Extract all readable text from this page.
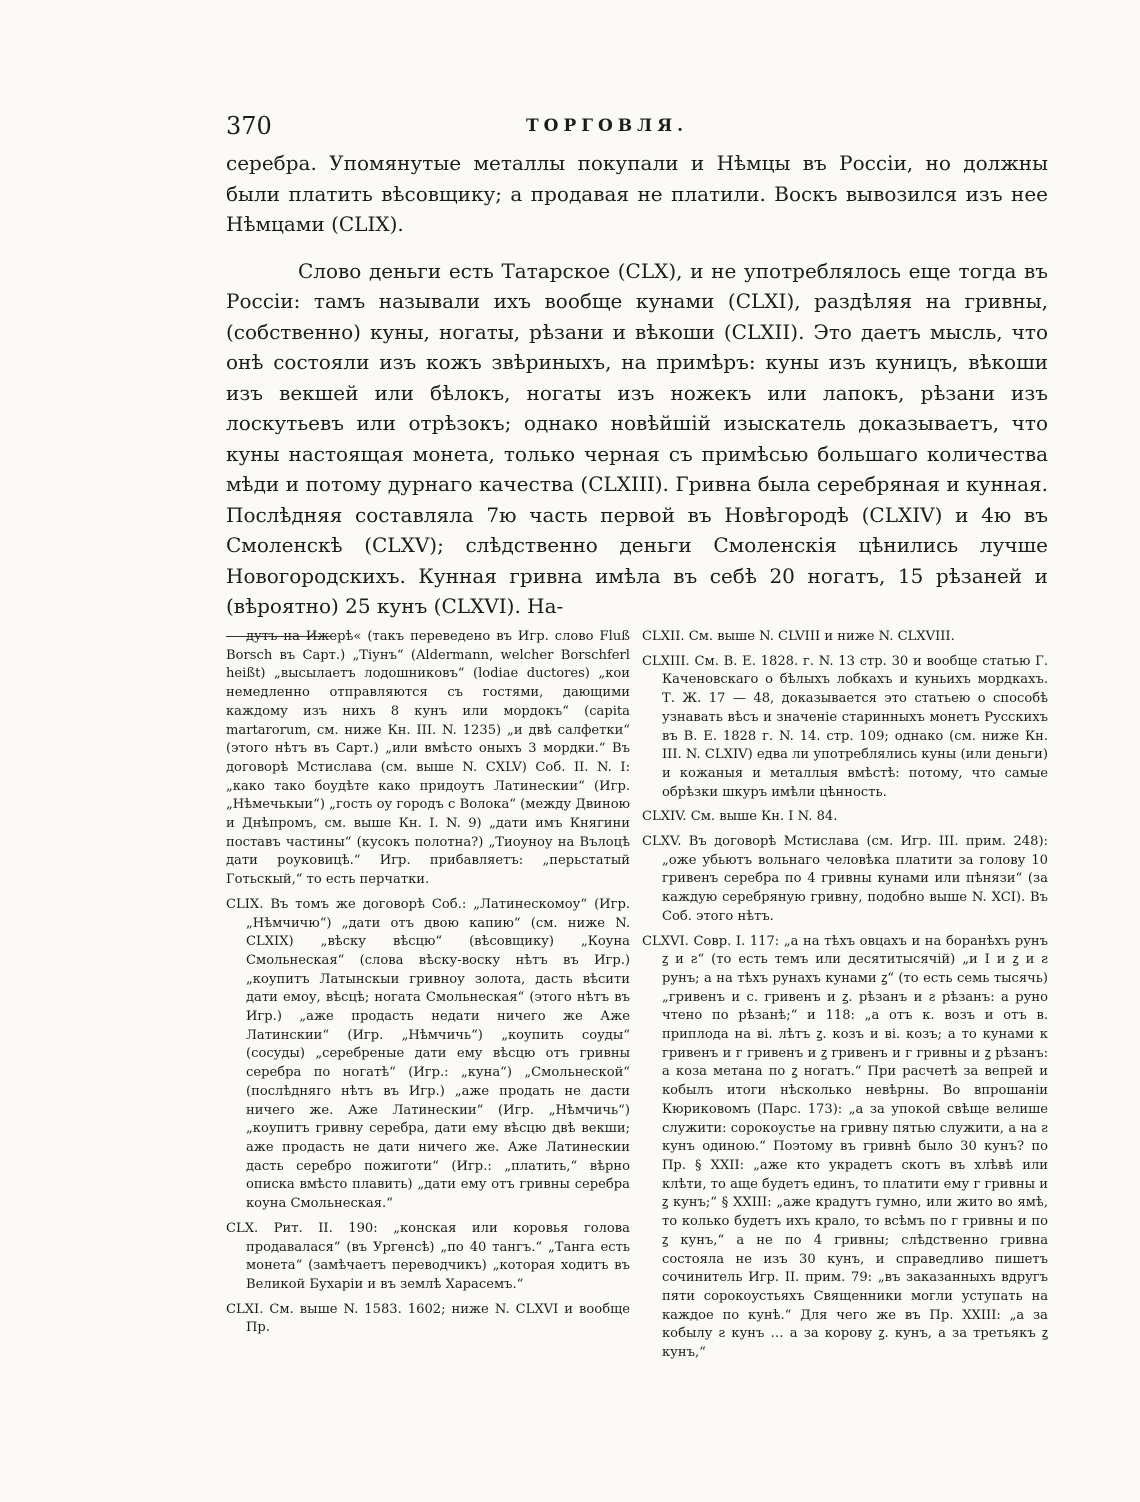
370	ТОРГОВЛЯ.

серебра. Упомянутые металлы покупали и Нѣмцы въ Россіи, но должны были платить вѣсовщику; а продавая не платили. Воскъ вывозился изъ нее Нѣмцами (CLIX).

Слово деньги есть Татарское (CLX), и не употреблялось еще тогда въ Россіи: тамъ называли ихъ вообще кунами (CLXI), раздѣляя на гривны, (собственно) куны, ногаты, рѣзани и вѣкоши (CLXII). Это даетъ мысль, что онѣ состояли изъ кожъ звѣриныхъ, на примѣръ: куны изъ куницъ, вѣкоши изъ векшей или бѣлокъ, ногаты изъ ножекъ или лапокъ, рѣзани изъ лоскутьевъ или отрѣзокъ; однако новѣйшій изыскатель доказываетъ, что куны настоящая монета, только черная съ примѣсью большаго количества мѣди и потому дурнаго качества (CLXIII). Гривна была серебряная и кунная. Послѣдняя составляла 7ю часть первой въ Новѣгородѣ (CLXIV) и 4ю въ Смоленскѣ (CLXV); слѣдственно деньги Смоленскія цѣнились лучше Новогородскихъ. Кунная гривна имѣла въ себѣ 20 ногатъ, 15 рѣзаней и (вѣроятно) 25 кунъ (CLXVI). На-

дутъ на Ижерѣ« (такъ переведено въ Игр. слово Fluß Borsch въ Сарт.) „Тіунъ“ (Aldermann, welcher Borschferl heißt) „высылаетъ лодошниковъ“ (lodiae ductores) „кои немедленно отправляются съ гостями, дающими каждому изъ нихъ 8 кунъ или мордокъ“ (capita martarorum, см. ниже Кн. III. N. 1235) „и двѣ салфетки“ (этого нѣтъ въ Сарт.) „или вмѣсто оныхъ 3 мордки.“ Въ договорѣ Мстислава (см. выше N. CXLV) Соб. II. N. I: „како тако боудѣте како придоутъ Латинескии“ (Игр. „Нѣмечькыи“) „гость оу городъ с Волока“ (между Двиною и Днѣпромъ, см. выше Кн. I. N. 9) „дати имъ Княгини поставъ частины“ (кусокъ полотна?) „Тиоуноу на Вълоцѣ дати роуковицѣ.“ Игр. прибавляетъ: „перьстатый Готьскый,“ то есть перчатки.

CLIX. Въ томъ же договорѣ Соб.: „Латинескомоу“ (Игр. „Нѣмчичю“) „дати отъ двою капию“ (см. ниже N. CLXIX) „вѣску вѣсцю“ (вѣсовщику) „Коуна Смольнеская“ (слова вѣску-воску нѣтъ въ Игр.) „коупитъ Латынскыи гривноу золота, дасть вѣсити дати емоу, вѣсцѣ; ногата Смольнеская“ (этого нѣтъ въ Игр.) „аже продасть недати ничего же Аже Латинскии“ (Игр. „Нѣмчичь“) „коупить соуды“ (сосуды) „серебреные дати ему вѣсцю отъ гривны серебра по ногатѣ“ (Игр.: „куна“) „Смольнеской“ (послѣдняго нѣтъ въ Игр.) „аже продать не дасти ничего же. Аже Латинескии“ (Игр. „Нѣмчичь“) „коупитъ гривну серебра, дати ему вѣсцю двѣ векши; аже продасть не дати ничего же. Аже Латинескии дасть серебро пожиготи“ (Игр.: „платить,“ вѣрно описка вмѣсто плавить) „дати ему отъ гривны серебра коуна Смольнеская.“

CLX. Рит. II. 190: „конская или коровья голова продавалася“ (въ Ургенсѣ) „по 40 тангъ.“ „Танга есть монета“ (замѣчаетъ переводчикъ) „которая ходитъ въ Великой Бухаріи и въ землѣ Харасемъ.“

CLXI. См. выше N. 1583. 1602; ниже N. CLXVI и вообще Пр.

CLXII. См. выше N. CLVIII и ниже N. CLXVIII.

CLXIII. См. В. Е. 1828. г. N. 13 стр. 30 и вообще статью Г. Каченовскаго о бѣлыхъ лобкахъ и куньихъ мордкахъ. Т. Ж. 17 — 48, доказывается это статьею о способѣ узнавать вѣсъ и значеніе старинныхъ монетъ Русскихъ въ В. Е. 1828 г. N. 14. стр. 109; однако (см. ниже Кн. III. N. CLXIV) едва ли употреблялись куны (или деньги) и кожаныя и металлыя вмѣстѣ: потому, что самые обрѣзки шкуръ имѣли цѣнность.

CLXIV. См. выше Кн. I N. 84.

CLXV. Въ договорѣ Мстислава (см. Игр. III. прим. 248): „оже убьютъ вольнаго человѣка платити за голову 10 гривенъ серебра по 4 гривны кунами или пѣнязи“ (за каждую серебряную гривну, подобно выше N. XCI). Въ Соб. этого нѣтъ.

CLXVI. Совр. I. 117: „а на тѣхъ овцахъ и на боранѣхъ рунъ ꙁ и ꙅ“ (то есть темъ или десятитысячій) „и І и ꙁ и ꙅ рунъ; а на тѣхъ рунахъ кунами ꙁ“ (то есть семь тысячь) „гривенъ и с. гривенъ и ꙁ. рѣзанъ и ꙅ рѣзанъ: а руно чтено по рѣзанѣ;“ и 118: „а отъ к. возъ и отъ в. приплода на ві. лѣтъ ꙁ. козъ и ві. козъ; а то кунами к гривенъ и г гривенъ и ꙁ гривенъ и г гривны и ꙁ рѣзанъ: а коза метана по ꙁ ногатъ.“ При расчетѣ за вепрей и кобылъ итоги нѣсколько невѣрны. Во впрошаніи Кюриковомъ (Парс. 173): „а за упокой свѣще велише служити: сорокоустье на гривну пятью служити, а на ꙅ кунъ одиною.“ Поэтому въ гривнѣ было 30 кунъ? по Пр. § XXII: „аже кто украдетъ скотъ въ хлѣвѣ или клѣти, то аще будетъ единъ, то платити ему г гривны и ꙁ кунъ;“ § XXIII: „аже крадутъ гумно, или жито во ямѣ, то колько будетъ ихъ крало, то всѣмъ по г гривны и по ꙁ кунъ,“ а не по 4 гривны; слѣдственно гривна состояла не изъ 30 кунъ, и справедливо пишетъ сочинитель Игр. II. прим. 79: „въ заказанныхъ вдругъ пяти сорокоустьяхъ Священники могли уступать на каждое по кунѣ.“ Для чего же въ Пр. XXIII: „а за кобылу ꙅ кунъ … а за корову ꙁ. кунъ, а за третьякъ ꙁ кунъ,“
